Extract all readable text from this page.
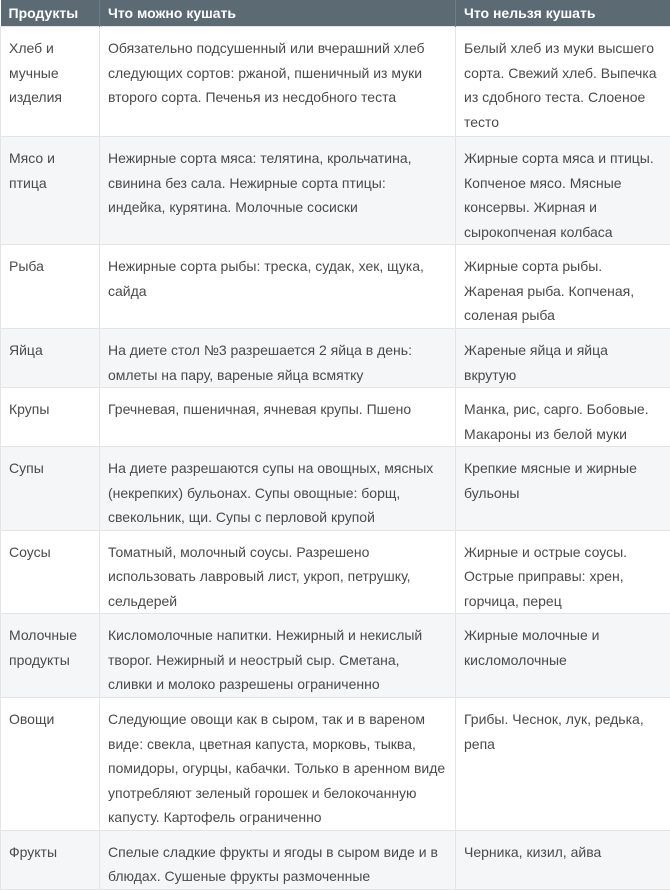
Продукты	Что можно кушать	Что нельзя кушать
Хлеб и мучные изделия	Обязательно подсушенный или вчерашний хлеб следующих сортов: ржаной, пшеничный из муки второго сорта. Печенья из несдобного теста	Белый хлеб из муки высшего сорта. Свежий хлеб. Выпечка из сдобного теста. Слоеное тесто
Мясо и птица	Нежирные сорта мяса: телятина, крольчатина, свинина без сала. Нежирные сорта птицы: индейка, курятина. Молочные сосиски	Жирные сорта мяса и птицы. Копченое мясо. Мясные консервы. Жирная и сырокопченая колбаса
Рыба	Нежирные сорта рыбы: треска, судак, хек, щука, сайда	Жирные сорта рыбы. Жареная рыба. Копченая, соленая рыба
Яйца	На диете стол №3 разрешается 2 яйца в день: омлеты на пару, вареные яйца всмятку	Жареные яйца и яйца вкрутую
Крупы	Гречневая, пшеничная, ячневая крупы. Пшено	Манка, рис, сарго. Бобовые. Макароны из белой муки
Супы	На диете разрешаются супы на овощных, мясных (некрепких) бульонах. Супы овощные: борщ, свекольник, щи. Супы с перловой крупой	Крепкие мясные и жирные бульоны
Соусы	Томатный, молочный соусы. Разрешено использовать лавровый лист, укроп, петрушку, сельдерей	Жирные и острые соусы. Острые приправы: хрен, горчица, перец
Молочные продукты	Кисломолочные напитки. Нежирный и некислый творог. Нежирный и неострый сыр. Сметана, сливки и молоко разрешены ограниченно	Жирные молочные и кисломолочные
Овощи	Следующие овощи как в сыром, так и в вареном виде: свекла, цветная капуста, морковь, тыква, помидоры, огурцы, кабачки. Только в аренном виде употребляют зеленый горошек и белокочанную капусту. Картофель ограниченно	Грибы. Чеснок, лук, редька, репа
Фрукты	Спелые сладкие фрукты и ягоды в сыром виде и в блюдах. Сушеные фрукты размоченные	Черника, кизил, айва
